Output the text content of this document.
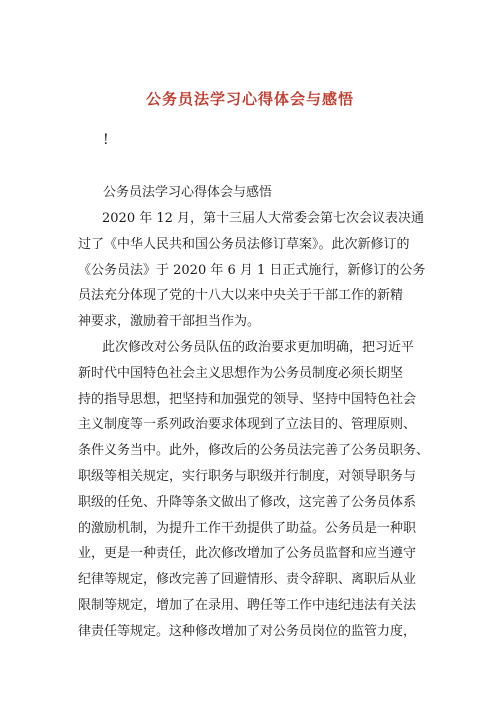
公务员法学习心得体会与感悟
!
公务员法学习心得体会与感悟
2020 年 12 月，第十三届人大常委会第七次会议表决通
过了《中华人民共和国公务员法修订草案》。此次新修订的
《公务员法》于 2020 年 6 月 1 日正式施行，新修订的公务
员法充分体现了党的十八大以来中央关于干部工作的新精
神要求，激励着干部担当作为。
此次修改对公务员队伍的政治要求更加明确，把习近平
新时代中国特色社会主义思想作为公务员制度必须长期坚
持的指导思想，把坚持和加强党的领导、坚持中国特色社会
主义制度等一系列政治要求体现到了立法目的、管理原则、
条件义务当中。此外，修改后的公务员法完善了公务员职务、
职级等相关规定，实行职务与职级并行制度，对领导职务与
职级的任免、升降等条文做出了修改，这完善了公务员体系
的激励机制，为提升工作干劲提供了助益。公务员是一种职
业，更是一种责任，此次修改增加了公务员监督和应当遵守
纪律等规定，修改完善了回避情形、责令辞职、离职后从业
限制等规定，增加了在录用、聘任等工作中违纪违法有关法
律责任等规定。这种修改增加了对公务员岗位的监管力度，
